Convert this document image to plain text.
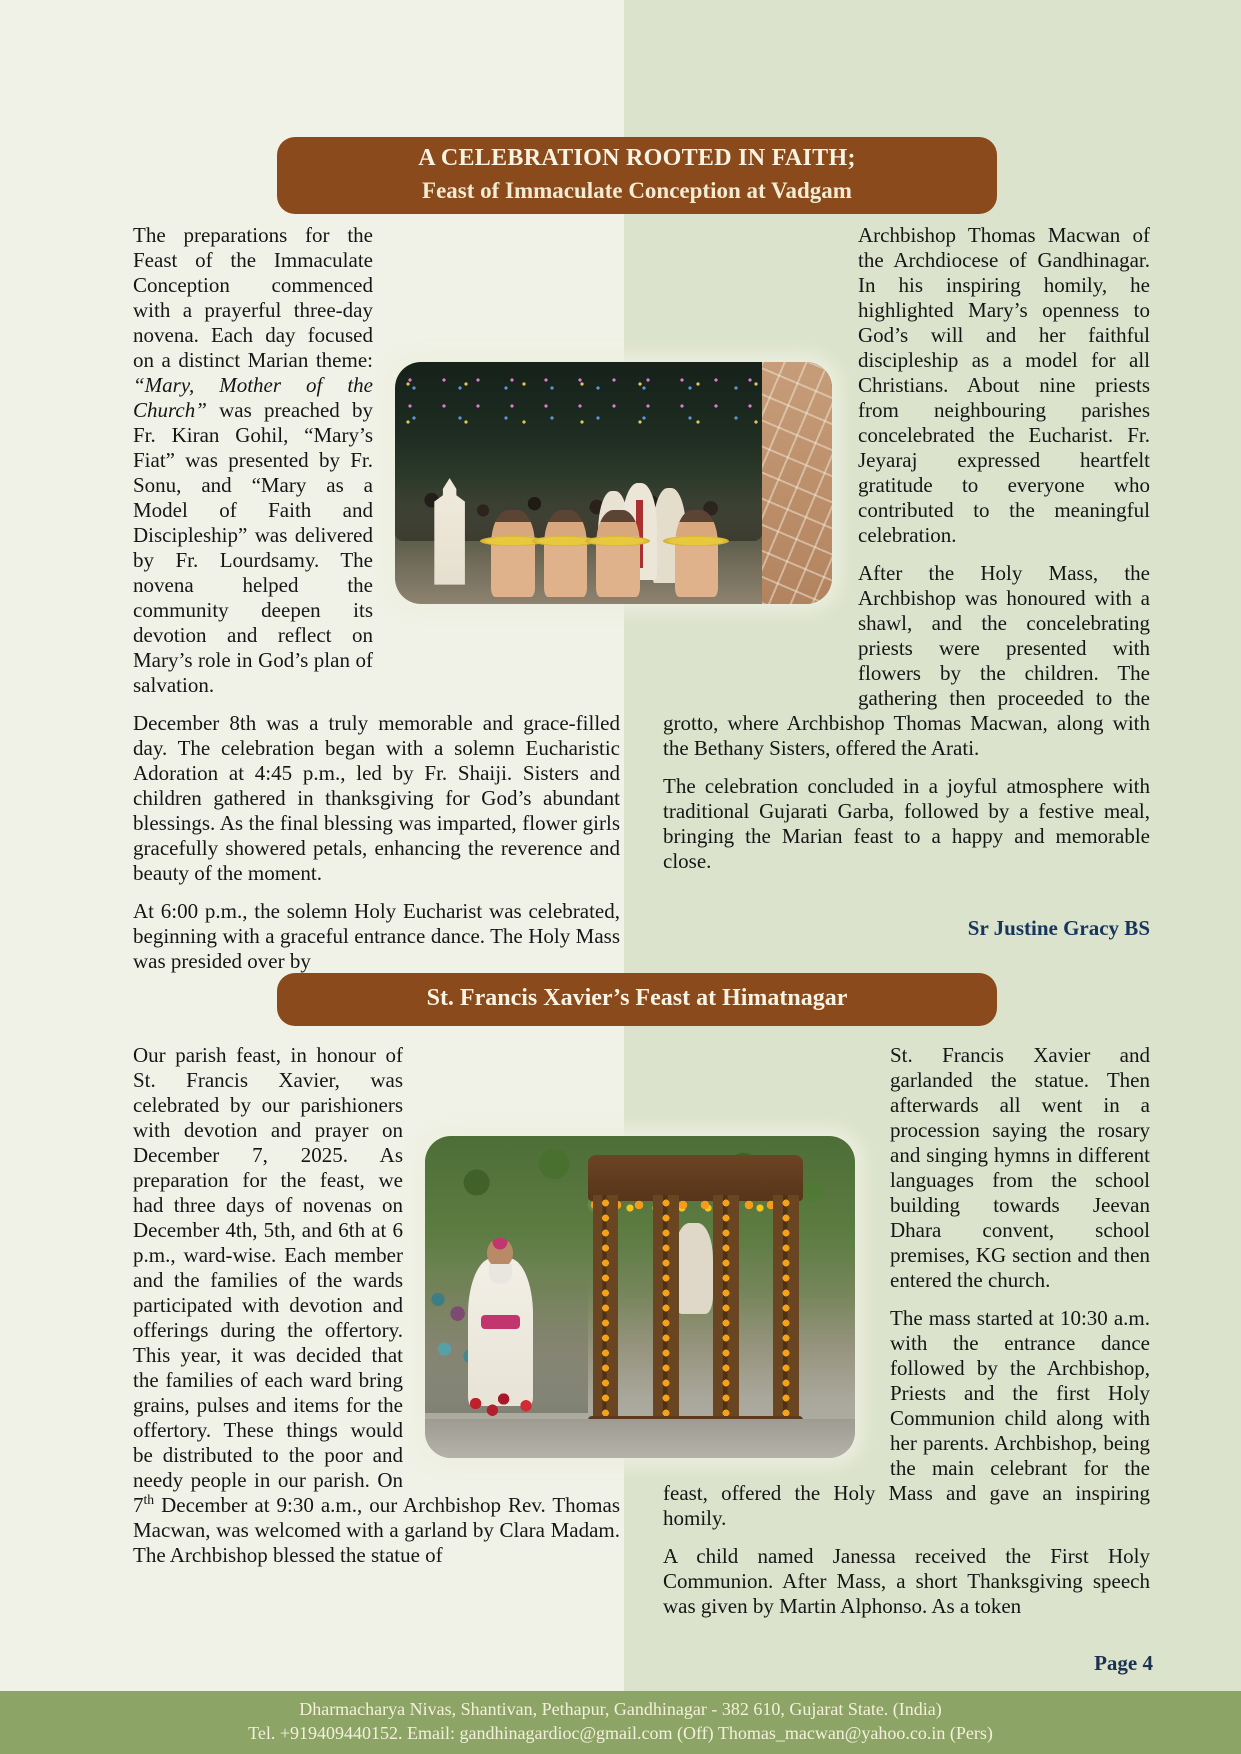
A CELEBRATION ROOTED IN FAITH;
Feast of Immaculate Conception at Vadgam

The preparations for the Feast of the Immaculate Conception commenced with a prayerful three-day novena. Each day focused on a distinct Marian theme: “Mary, Mother of the Church” was preached by Fr. Kiran Gohil, “Mary’s Fiat” was presented by Fr. Sonu, and “Mary as a Model of Faith and Discipleship” was delivered by Fr. Lourdsamy. The novena helped the community deepen its devotion and reflect on Mary’s role in God’s plan of salvation.

December 8th was a truly memorable and grace-filled day. The celebration began with a solemn Eucharistic Adoration at 4:45 p.m., led by Fr. Shaiji. Sisters and children gathered in thanksgiving for God’s abundant blessings. As the final blessing was imparted, flower girls gracefully showered petals, enhancing the reverence and beauty of the moment.

At 6:00 p.m., the solemn Holy Eucharist was celebrated, beginning with a graceful entrance dance. The Holy Mass was presided over by

Archbishop Thomas Macwan of the Archdiocese of Gandhinagar. In his inspiring homily, he highlighted Mary’s openness to God’s will and her faithful discipleship as a model for all Christians. About nine priests from neighbouring parishes concelebrated the Eucharist. Fr. Jeyaraj expressed heartfelt gratitude to everyone who contributed to the meaningful celebration.

After the Holy Mass, the Archbishop was honoured with a shawl, and the concelebrating priests were presented with flowers by the children. The gathering then proceeded to the grotto, where Archbishop Thomas Macwan, along with the Bethany Sisters, offered the Arati.

The celebration concluded in a joyful atmosphere with traditional Gujarati Garba, followed by a festive meal, bringing the Marian feast to a happy and memorable close.

Sr Justine Gracy BS
St. Francis Xavier’s Feast at Himatnagar

Our parish feast, in honour of St. Francis Xavier, was celebrated by our parishioners with devotion and prayer on December 7, 2025. As preparation for the feast, we had three days of novenas on December 4th, 5th, and 6th at 6 p.m., ward-wise. Each member and the families of the wards participated with devotion and offerings during the offertory. This year, it was decided that the families of each ward bring grains, pulses and items for the offertory. These things would be distributed to the poor and needy people in our parish. On 7th December at 9:30 a.m., our Archbishop Rev. Thomas Macwan, was welcomed with a garland by Clara Madam. The Archbishop blessed the statue of

St. Francis Xavier and garlanded the statue. Then afterwards all went in a procession saying the rosary and singing hymns in different languages from the school building towards Jeevan Dhara convent, school premises, KG section and then entered the church.

The mass started at 10:30 a.m. with the entrance dance followed by the Archbishop, Priests and the first Holy Communion child along with her parents. Archbishop, being the main celebrant for the feast, offered the Holy Mass and gave an inspiring homily.

A child named Janessa received the First Holy Communion. After Mass, a short Thanksgiving speech was given by Martin Alphonso. As a token

Page 4
Dharmacharya Nivas, Shantivan, Pethapur, Gandhinagar - 382 610, Gujarat State. (India)
Tel. +919409440152. Email: gandhinagardioc@gmail.com (Off) Thomas_macwan@yahoo.co.in (Pers)
